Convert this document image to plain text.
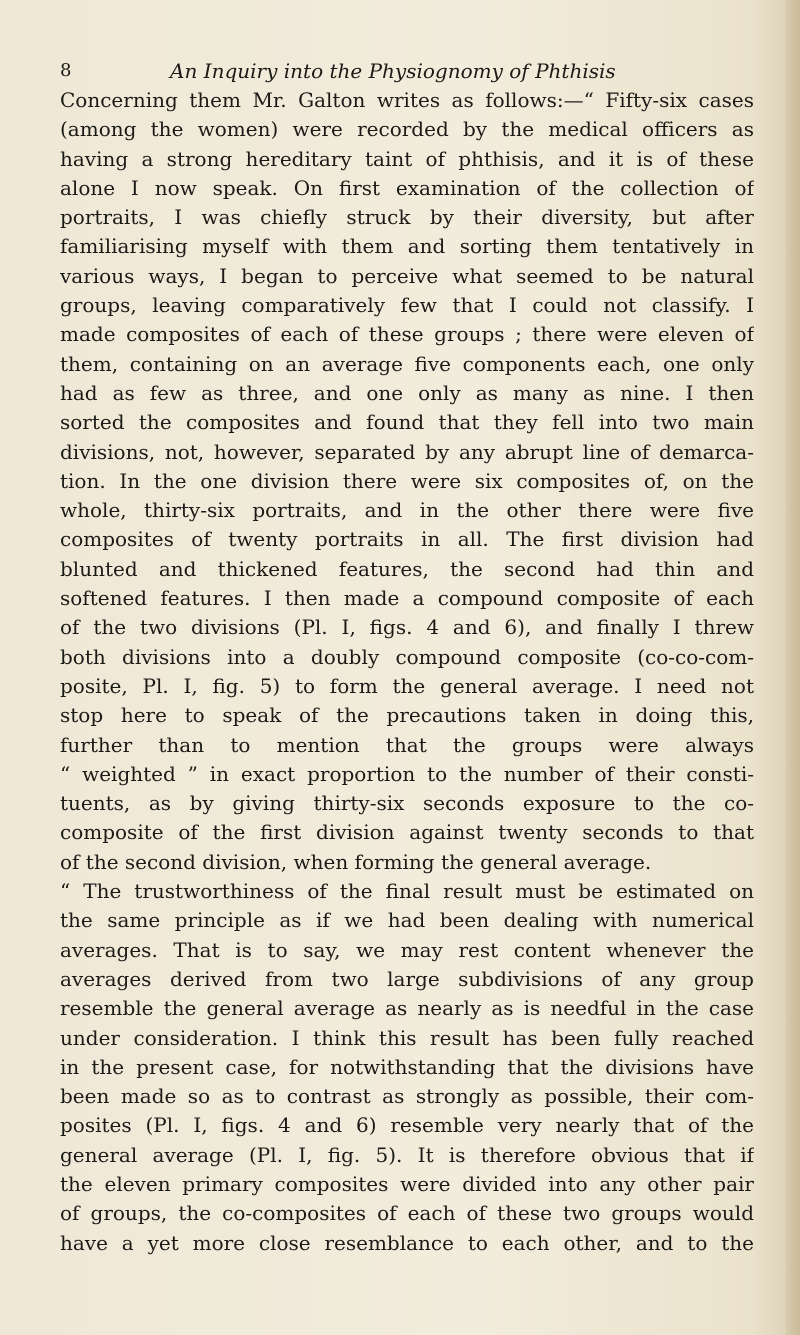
8	An Inquiry into the Physiognomy of Phthisis
Concerning them Mr. Galton writes as follows:—“ Fifty-six cases
(among the women) were recorded by the medical officers as
having a strong hereditary taint of phthisis, and it is of these
alone I now speak. On first examination of the collection of
portraits, I was chiefly struck by their diversity, but after
familiarising myself with them and sorting them tentatively in
various ways, I began to perceive what seemed to be natural
groups, leaving comparatively few that I could not classify. I
made composites of each of these groups ; there were eleven of
them, containing on an average five components each, one only
had as few as three, and one only as many as nine. I then
sorted the composites and found that they fell into two main
divisions, not, however, separated by any abrupt line of demarca-
tion. In the one division there were six composites of, on the
whole, thirty-six portraits, and in the other there were five
composites of twenty portraits in all. The first division had
blunted and thickened features, the second had thin and
softened features. I then made a compound composite of each
of the two divisions (Pl. I, figs. 4 and 6), and finally I threw
both divisions into a doubly compound composite (co-co-com-
posite, Pl. I, fig. 5) to form the general average. I need not
stop here to speak of the precautions taken in doing this,
further than to mention that the groups were always
“ weighted ” in exact proportion to the number of their consti-
tuents, as by giving thirty-six seconds exposure to the co-
composite of the first division against twenty seconds to that
of the second division, when forming the general average.
“ The trustworthiness of the final result must be estimated on
the same principle as if we had been dealing with numerical
averages. That is to say, we may rest content whenever the
averages derived from two large subdivisions of any group
resemble the general average as nearly as is needful in the case
under consideration. I think this result has been fully reached
in the present case, for notwithstanding that the divisions have
been made so as to contrast as strongly as possible, their com-
posites (Pl. I, figs. 4 and 6) resemble very nearly that of the
general average (Pl. I, fig. 5). It is therefore obvious that if
the eleven primary composites were divided into any other pair
of groups, the co-composites of each of these two groups would
have a yet more close resemblance to each other, and to the
